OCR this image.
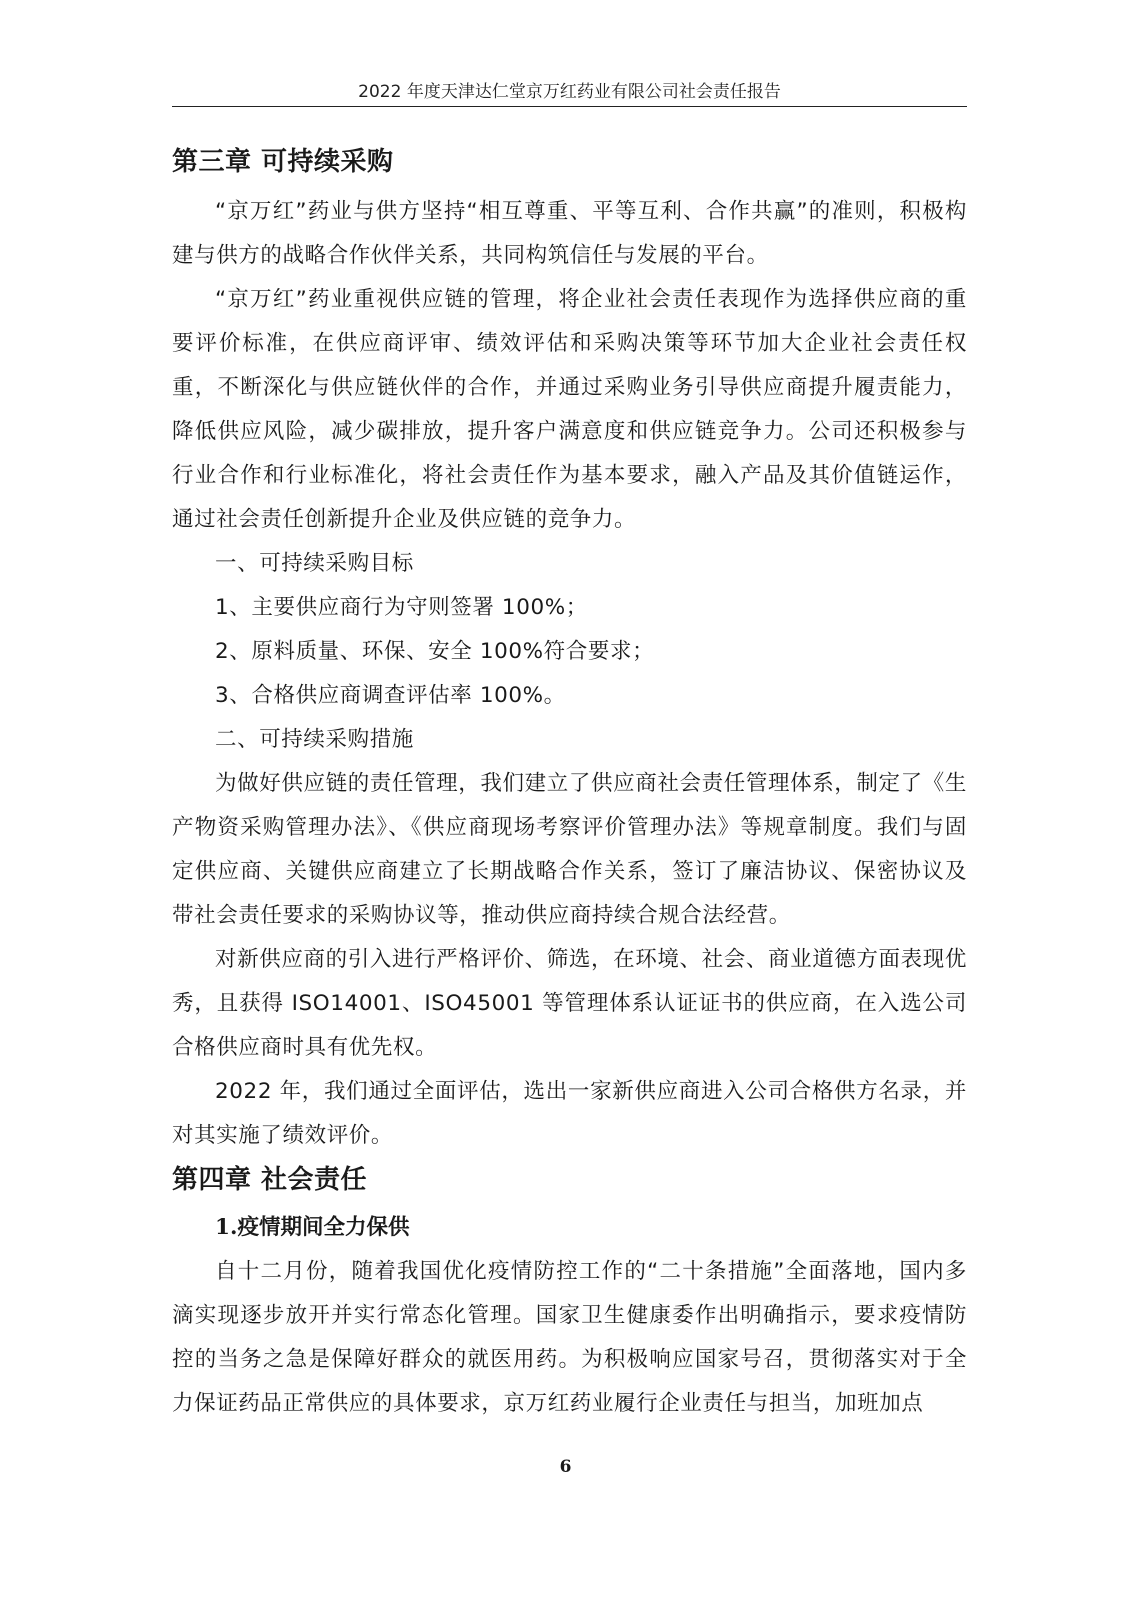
2022 年度天津达仁堂京万红药业有限公司社会责任报告
第三章 可持续采购

“京万红”药业与供方坚持“相互尊重、平等互利、合作共赢”的准则，积极构建与供方的战略合作伙伴关系，共同构筑信任与发展的平台。

“京万红”药业重视供应链的管理，将企业社会责任表现作为选择供应商的重要评价标准，在供应商评审、绩效评估和采购决策等环节加大企业社会责任权重，不断深化与供应链伙伴的合作，并通过采购业务引导供应商提升履责能力，降低供应风险，减少碳排放，提升客户满意度和供应链竞争力。公司还积极参与行业合作和行业标准化，将社会责任作为基本要求，融入产品及其价值链运作，通过社会责任创新提升企业及供应链的竞争力。

一、可持续采购目标

1、主要供应商行为守则签署 100%；

2、原料质量、环保、安全 100%符合要求；

3、合格供应商调查评估率 100%。

二、可持续采购措施

为做好供应链的责任管理，我们建立了供应商社会责任管理体系，制定了《生产物资采购管理办法》、《供应商现场考察评价管理办法》等规章制度。我们与固定供应商、关键供应商建立了长期战略合作关系，签订了廉洁协议、保密协议及带社会责任要求的采购协议等，推动供应商持续合规合法经营。

对新供应商的引入进行严格评价、筛选，在环境、社会、商业道德方面表现优秀，且获得 ISO14001、ISO45001 等管理体系认证证书的供应商，在入选公司合格供应商时具有优先权。

2022 年，我们通过全面评估，选出一家新供应商进入公司合格供方名录，并对其实施了绩效评价。

第四章 社会责任
1.疫情期间全力保供

自十二月份，随着我国优化疫情防控工作的“二十条措施”全面落地，国内多滴实现逐步放开并实行常态化管理。国家卫生健康委作出明确指示，要求疫情防控的当务之急是保障好群众的就医用药。为积极响应国家号召，贯彻落实对于全力保证药品正常供应的具体要求，京万红药业履行企业责任与担当，加班加点

6
